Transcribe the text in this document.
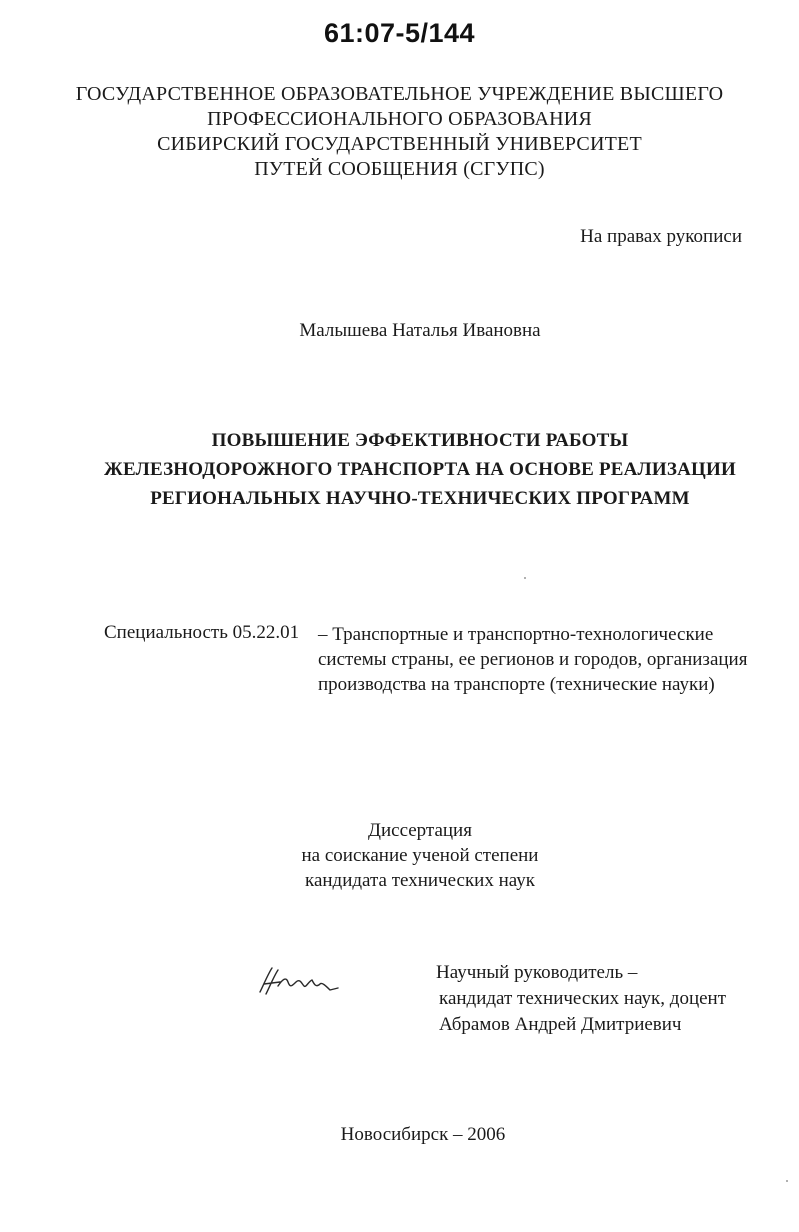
61:07-5/144
ГОСУДАРСТВЕННОЕ ОБРАЗОВАТЕЛЬНОЕ УЧРЕЖДЕНИЕ ВЫСШЕГО
ПРОФЕССИОНАЛЬНОГО ОБРАЗОВАНИЯ
СИБИРСКИЙ ГОСУДАРСТВЕННЫЙ УНИВЕРСИТЕТ
ПУТЕЙ СООБЩЕНИЯ (СГУПС)
На правах рукописи
Малышева Наталья Ивановна
ПОВЫШЕНИЕ ЭФФЕКТИВНОСТИ РАБОТЫ
ЖЕЛЕЗНОДОРОЖНОГО ТРАНСПОРТА НА ОСНОВЕ РЕАЛИЗАЦИИ
РЕГИОНАЛЬНЫХ НАУЧНО-ТЕХНИЧЕСКИХ ПРОГРАММ
Специальность 05.22.01 – Транспортные и транспортно-технологические
системы страны, ее регионов и городов, организация
производства на транспорте (технические науки)
Диссертация
на соискание ученой степени
кандидата технических наук
Научный руководитель –
кандидат технических наук, доцент
Абрамов Андрей Дмитриевич
Новосибирск – 2006
